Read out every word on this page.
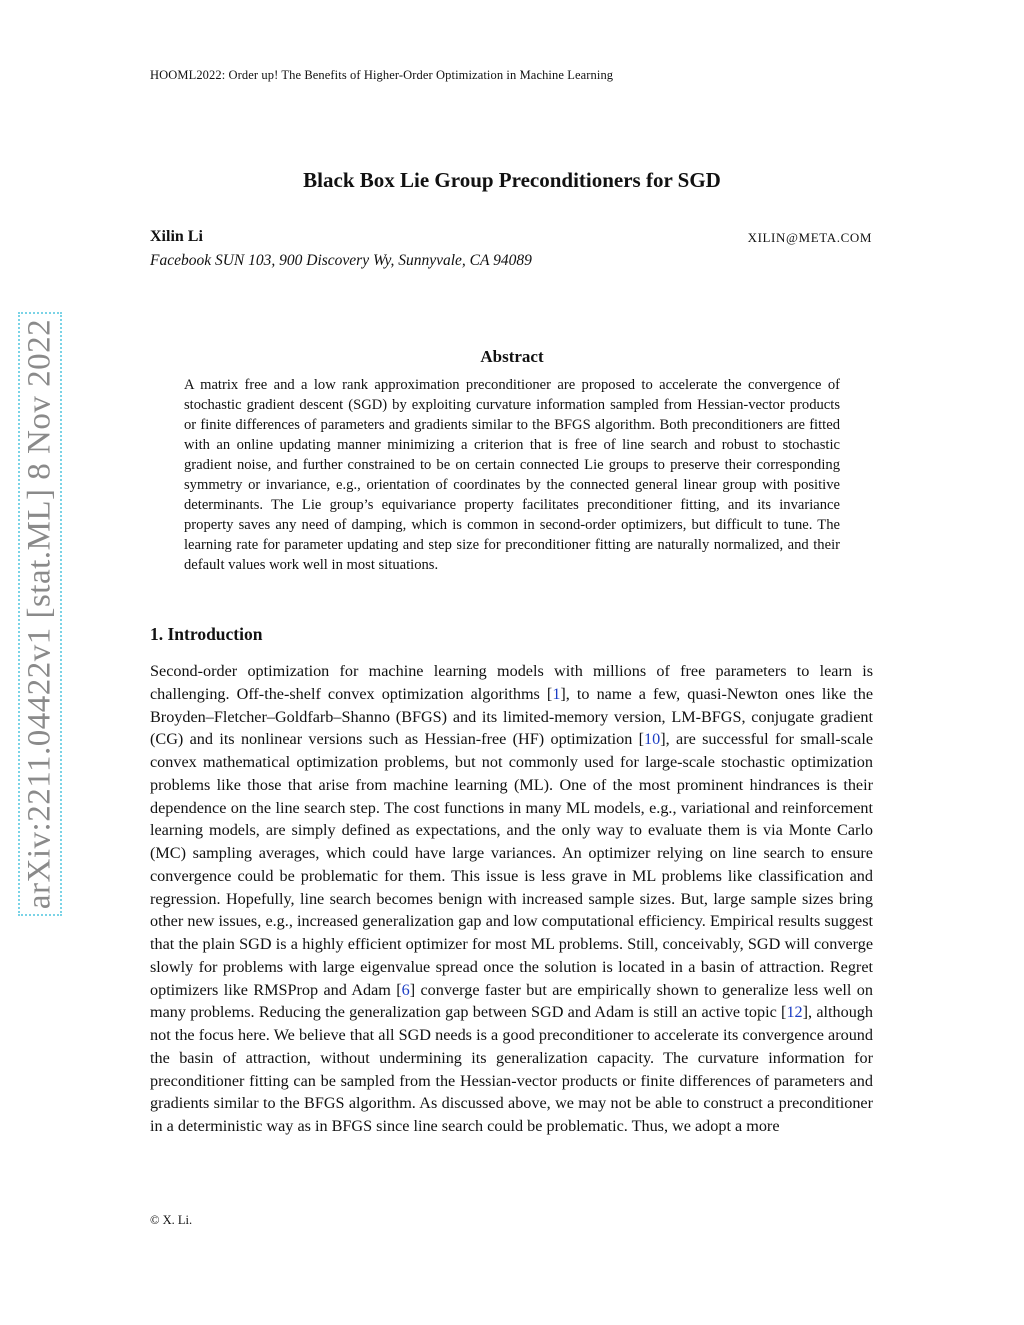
HOOML2022: Order up! The Benefits of Higher-Order Optimization in Machine Learning
arXiv:2211.04422v1 [stat.ML] 8 Nov 2022
Black Box Lie Group Preconditioners for SGD
Xilin Li	XILIN@META.COM
Facebook SUN 103, 900 Discovery Wy, Sunnyvale, CA 94089
Abstract
A matrix free and a low rank approximation preconditioner are proposed to accelerate the convergence of stochastic gradient descent (SGD) by exploiting curvature information sampled from Hessian-vector products or finite differences of parameters and gradients similar to the BFGS algorithm. Both preconditioners are fitted with an online updating manner minimizing a criterion that is free of line search and robust to stochastic gradient noise, and further constrained to be on certain connected Lie groups to preserve their corresponding symmetry or invariance, e.g., orientation of coordinates by the connected general linear group with positive determinants. The Lie group’s equivariance property facilitates preconditioner fitting, and its invariance property saves any need of damping, which is common in second-order optimizers, but difficult to tune. The learning rate for parameter updating and step size for preconditioner fitting are naturally normalized, and their default values work well in most situations.
1. Introduction
Second-order optimization for machine learning models with millions of free parameters to learn is challenging. Off-the-shelf convex optimization algorithms [1], to name a few, quasi-Newton ones like the Broyden–Fletcher–Goldfarb–Shanno (BFGS) and its limited-memory version, LM-BFGS, conjugate gradient (CG) and its nonlinear versions such as Hessian-free (HF) optimization [10], are successful for small-scale convex mathematical optimization problems, but not commonly used for large-scale stochastic optimization problems like those that arise from machine learning (ML). One of the most prominent hindrances is their dependence on the line search step. The cost functions in many ML models, e.g., variational and reinforcement learning models, are simply defined as expectations, and the only way to evaluate them is via Monte Carlo (MC) sampling averages, which could have large variances. An optimizer relying on line search to ensure convergence could be problematic for them. This issue is less grave in ML problems like classification and regression. Hopefully, line search becomes benign with increased sample sizes. But, large sample sizes bring other new issues, e.g., increased generalization gap and low computational efficiency. Empirical results suggest that the plain SGD is a highly efficient optimizer for most ML problems. Still, conceivably, SGD will converge slowly for problems with large eigenvalue spread once the solution is located in a basin of attraction. Regret optimizers like RMSProp and Adam [6] converge faster but are empirically shown to generalize less well on many problems. Reducing the generalization gap between SGD and Adam is still an active topic [12], although not the focus here. We believe that all SGD needs is a good preconditioner to accelerate its convergence around the basin of attraction, without undermining its generalization capacity. The curvature information for preconditioner fitting can be sampled from the Hessian-vector products or finite differences of parameters and gradients similar to the BFGS algorithm. As discussed above, we may not be able to construct a preconditioner in a deterministic way as in BFGS since line search could be problematic. Thus, we adopt a more
© X. Li.
